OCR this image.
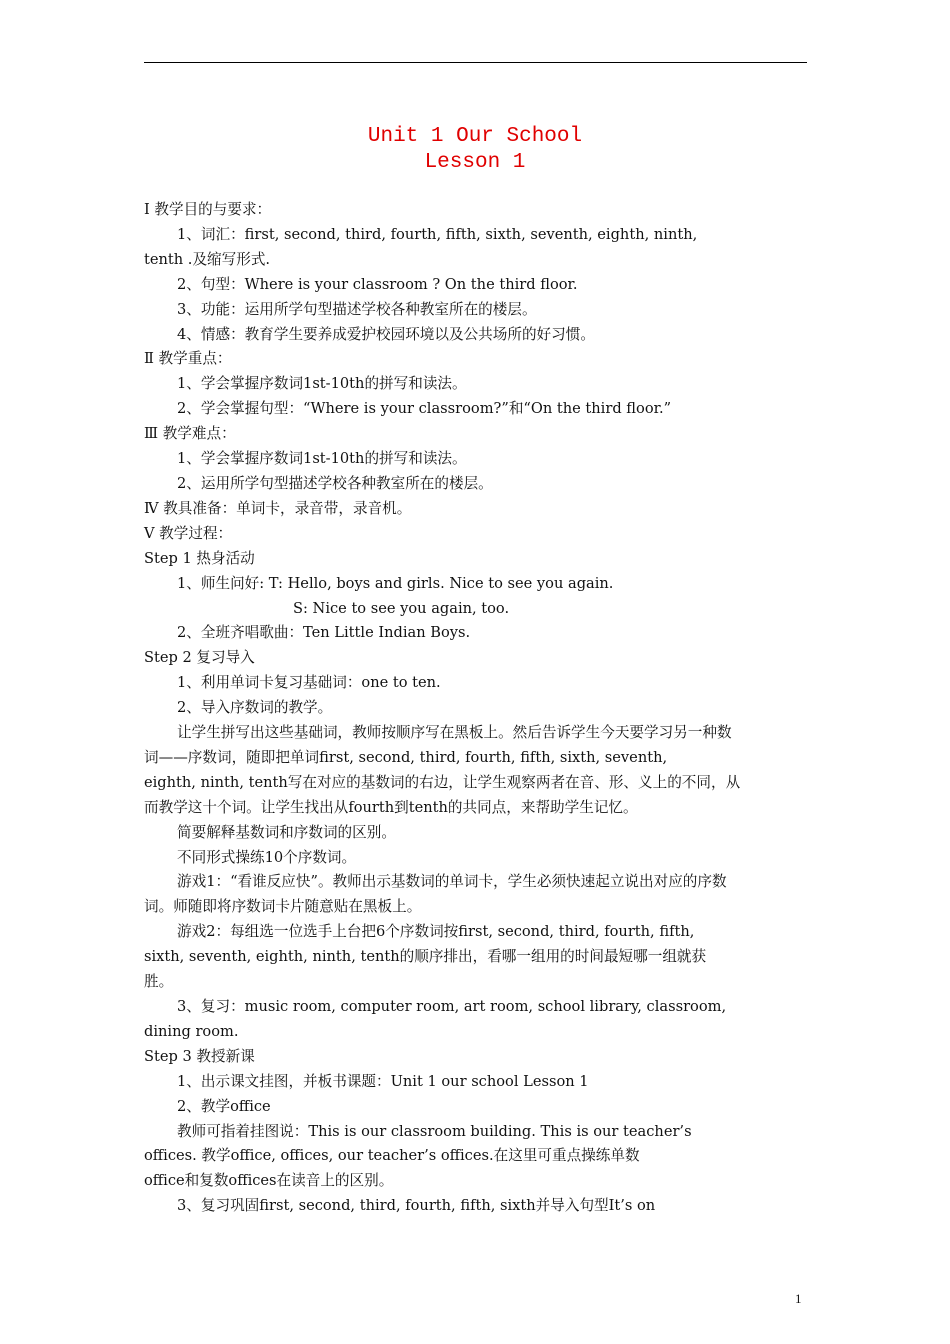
Unit 1 Our School
Lesson 1

Ⅰ 教学目的与要求：

1、词汇：first, second, third, fourth, fifth, sixth, seventh, eighth, ninth,

tenth .及缩写形式.

2、句型：Where is your classroom ? On the third floor.

3、功能：运用所学句型描述学校各种教室所在的楼层。

4、情感：教育学生要养成爱护校园环境以及公共场所的好习惯。

Ⅱ 教学重点：

1、学会掌握序数词1st-10th的拼写和读法。

2、学会掌握句型：“Where is your classroom?”和“On the third floor.”

Ⅲ 教学难点：

1、学会掌握序数词1st-10th的拼写和读法。

2、运用所学句型描述学校各种教室所在的楼层。

Ⅳ 教具准备：单词卡，录音带，录音机。

Ⅴ 教学过程：

Step 1 热身活动

1、师生问好: T: Hello, boys and girls. Nice to see you again.

S: Nice to see you again, too.

2、全班齐唱歌曲：Ten Little Indian Boys.

Step 2 复习导入

1、利用单词卡复习基础词：one to ten.

2、导入序数词的教学。

让学生拼写出这些基础词，教师按顺序写在黑板上。然后告诉学生今天要学习另一种数

词——序数词，随即把单词first, second, third, fourth, fifth, sixth, seventh,

eighth, ninth, tenth写在对应的基数词的右边，让学生观察两者在音、形、义上的不同，从

而教学这十个词。让学生找出从fourth到tenth的共同点，来帮助学生记忆。

简要解释基数词和序数词的区别。

不同形式操练10个序数词。

游戏1：“看谁反应快”。教师出示基数词的单词卡，学生必须快速起立说出对应的序数

词。师随即将序数词卡片随意贴在黑板上。

游戏2：每组选一位选手上台把6个序数词按first, second, third, fourth, fifth,

sixth, seventh, eighth, ninth, tenth的顺序排出，看哪一组用的时间最短哪一组就获

胜。

3、复习：music room, computer room, art room, school library, classroom,

dining room.

Step 3 教授新课

1、出示课文挂图，并板书课题：Unit 1 our school Lesson 1

2、教学office

教师可指着挂图说：This is our classroom building. This is our teacher’s

offices. 教学office, offices, our teacher’s offices.在这里可重点操练单数

office和复数offices在读音上的区别。

3、复习巩固first, second, third, fourth, fifth, sixth并导入句型It’s on

1
